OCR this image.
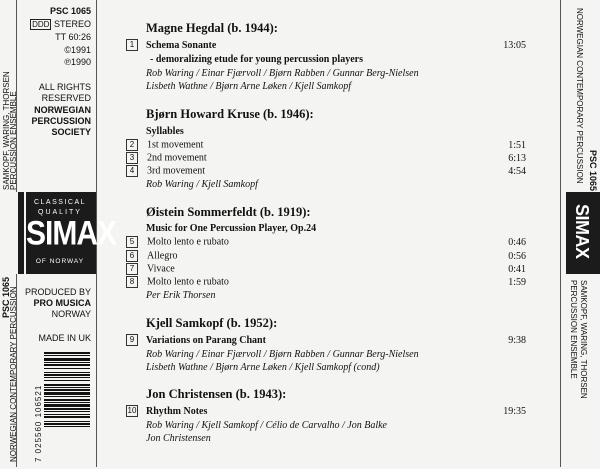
SAMKOPF, WARING, THORSEN
PERCUSSION ENSEMBLE
PSC 1065
NORWEGIAN CONTEMPORARY PERCUSSION
PSC 1065
DDD STEREO
TT 60:26
©1991
℗1990
ALL RIGHTS
RESERVED
NORWEGIAN
PERCUSSION
SOCIETY
CLASSICAL
QUALITY
SIMAX
OF NORWAY
PRODUCED BY
PRO MUSICA
NORWAY
MADE IN UK
7 025560 106521
Magne Hegdal (b. 1944):
1	Schema Sonante	13:05
- demoralizing etude for young percussion players
Rob Waring / Einar Fjærvoll / Bjørn Rabben / Gunnar Berg-Nielsen
Lisbeth Wathne / Bjørn Arne Løken / Kjell Samkopf
Bjørn Howard Kruse (b. 1946):
Syllables
2 1st movement	1:51
3 2nd movement	6:13
4 3rd movement	4:54
Rob Waring / Kjell Samkopf
Øistein Sommerfeldt (b. 1919):
Music for One Percussion Player, Op.24
5 Molto lento e rubato	0:46
6 Allegro	0:56
7 Vivace	0:41
8 Molto lento e rubato	1:59
Per Erik Thorsen
Kjell Samkopf (b. 1952):
9	Variations on Parang Chant	9:38
Rob Waring / Einar Fjærvoll / Bjørn Rabben / Gunnar Berg-Nielsen
Lisbeth Wathne / Bjørn Arne Løken / Kjell Samkopf (cond)
Jon Christensen (b. 1943):
10 Rhythm Notes	19:35
Rob Waring / Kjell Samkopf / Célio de Carvalho / Jon Balke
Jon Christensen
NORWEGIAN CONTEMPORARY PERCUSSION PSC 1065
SIMAX
SAMKOPF, WARING, THORSEN
PERCUSSION ENSEMBLE
